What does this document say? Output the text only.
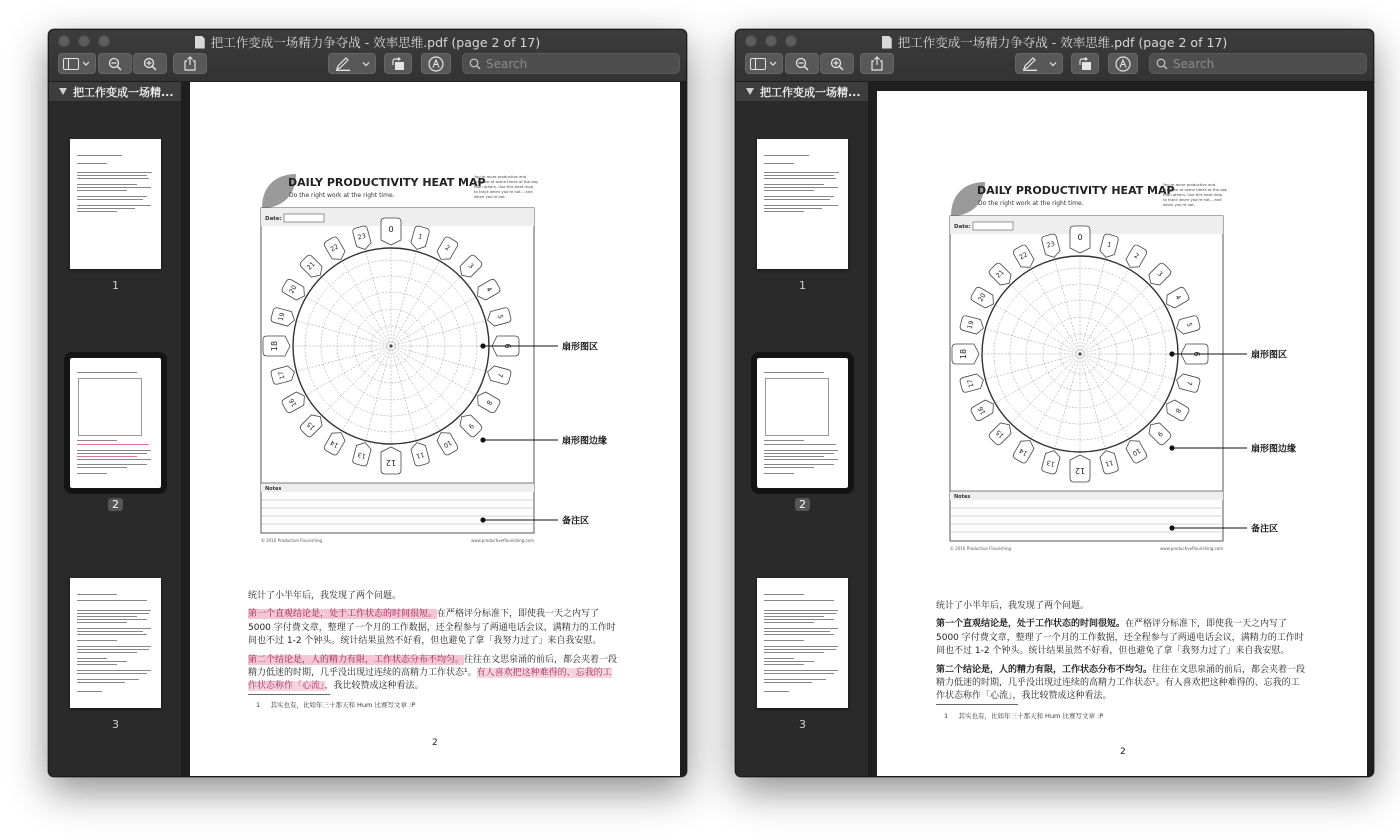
把工作变成一场精力争夺战 - 效率思维.pdf (page 2 of 17)
Search
把工作变成一场精...
1
2
3
DAILY PRODUCTIVITY HEAT MAP
Do the right work at the right time.
You're more productive and
creative at some times of the day
than others. Use this heat map
to track when you're hot... and
when you're not.
Date:
0
1
2
3
4
5
6
7
8
9
10
11
12
13
14
15
16
17
18
19
20
21
22
23
Notes
© 2016 Productive Flourishing	www.productiveflourishing.com
扇形图区
扇形图边缘
备注区

统计了小半年后，我发现了两个问题。

第一个直观结论是，处于工作状态的时间很短。在严格评分标准下，即使我一天之内写了 5000 字付费文章，整理了一个月的工作数据，还全程参与了两通电话会议，满精力的工作时间也不过 1-2 个钟头。统计结果虽然不好看，但也避免了拿「我努力过了」来自我安慰。

第二个结论是，人的精力有限，工作状态分布不均匀。往往在文思泉涌的前后，都会夹着一段精力低迷的时期，几乎没出现过连续的高精力工作状态¹。有人喜欢把这种难得的、忘我的工作状态称作「心流」，我比较赞成这种看法。

1 其实也有，比如年三十那天和 Hum 比赛写文章 :P
2
把工作变成一场精力争夺战 - 效率思维.pdf (page 2 of 17)
Search
把工作变成一场精...
1
2
3
DAILY PRODUCTIVITY HEAT MAP
Do the right work at the right time.
You're more productive and
creative at some times of the day
than others. Use this heat map
to track when you're hot... and
when you're not.
Date:
0
1
2
3
4
5
6
7
8
9
10
11
12
13
14
15
16
17
18
19
20
21
22
23
Notes
© 2016 Productive Flourishing	www.productiveflourishing.com
扇形图区
扇形图边缘
备注区

统计了小半年后，我发现了两个问题。

第一个直观结论是，处于工作状态的时间很短。在严格评分标准下，即使我一天之内写了 5000 字付费文章，整理了一个月的工作数据，还全程参与了两通电话会议，满精力的工作时间也不过 1-2 个钟头。统计结果虽然不好看，但也避免了拿「我努力过了」来自我安慰。

第二个结论是，人的精力有限，工作状态分布不均匀。往往在文思泉涌的前后，都会夹着一段精力低迷的时期，几乎没出现过连续的高精力工作状态¹。有人喜欢把这种难得的、忘我的工作状态称作「心流」，我比较赞成这种看法。

1 其实也有，比如年三十那天和 Hum 比赛写文章 :P
2
